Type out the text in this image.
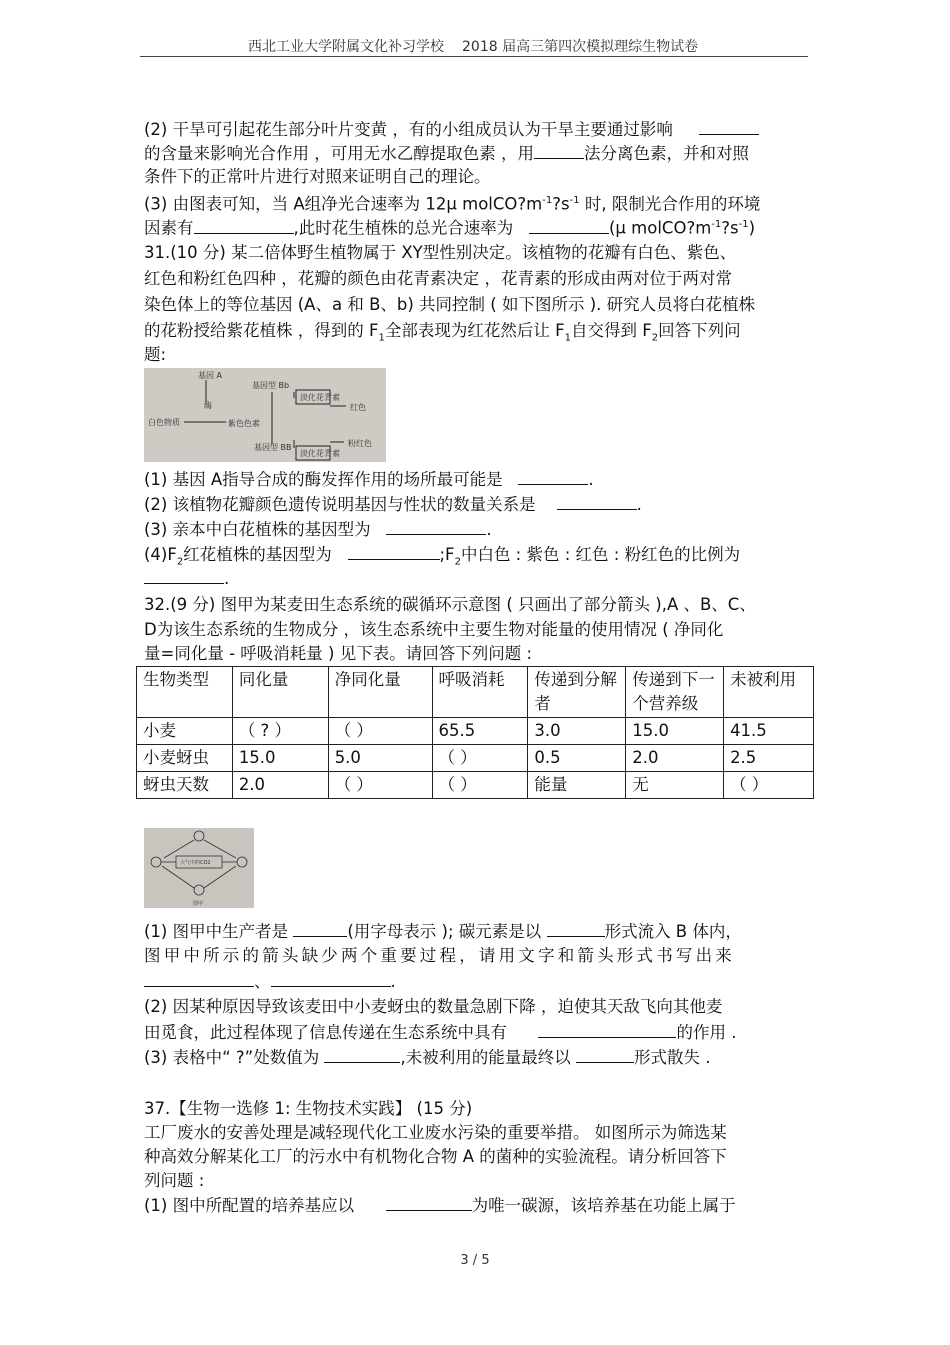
西北工业大学附属文化补习学校 2018 届高三第四次模拟理综生物试卷
(2) 干旱可引起花生部分叶片变黄 ，有的小组成员认为干旱主要通过影响
的含量来影响光合作用 ，可用无水乙醇提取色素 ，用	法分离色素，并和对照
条件下的正常叶片进行对照来证明自己的理论。
(3) 由图表可知，当 A组净光合速率为 12μ $molCO?m^{-1}?s^{-1}$ 时, 限制光合作用的环境
因素有	,此时花生植株的总光合速率为	(μ $molCO?m^{-1}?s^{-1}$)
31.(10 分) 某二倍体野生植物属于 XY型性别决定。该植物的花瓣有白色、紫色、
红色和粉红色四种 ，花瓣的颜色由花青素决定 ，花青素的形成由两对位于两对常
染色体上的等位基因 (A、a 和 B、b) 共同控制 ( 如下图所示 ). 研究人员将白花植株
的花粉授给紫花植株 ，得到的 $F_1$全部表现为红花然后让 $F_1$自交得到 $F_2$回答下列问
题:
基因 A
白色物质
酶
紫色色素
基因型 Bb
基因型 BB
淡化花青素
淡化花青素
红色
粉红色
(1) 基因 A指导合成的酶发挥作用的场所最可能是	.
(2) 该植物花瓣颜色遗传说明基因与性状的数量关系是	.
(3) 亲本中白花植株的基因型为	.
$(4)F_2$红花植株的基因型为	$;F_2$中白色 : 紫色 : 红色 : 粉红色的比例为
.
32.(9 分) 图甲为某麦田生态系统的碳循环示意图 ( 只画出了部分箭头 ),A 、B、C、
D为该生态系统的生物成分 ，该生态系统中主要生物对能量的使用情况 ( 净同化
量=同化量 - 呼吸消耗量 ) 见下表。请回答下列问题 :
生物类型	同化量	净同化量	呼吸消耗	传递到分解者	传递到下一个营养级	未被利用
小麦	（ ? ）	（ ）	65.5	3.0	15.0	41.5
小麦蚜虫	15.0	5.0	（ ）	0.5	2.0	2.5
蚜虫天数	2.0	（ ）	（ ）	能量	无	（ ）
大气中的CO2
图甲
(1) 图甲中生产者是	(用字母表示 ); 碳元素是以	形式流入 B 体内，
图甲中所示的箭头缺少两个重要过程，请用文字和箭头形式书写出来
、	.
(2) 因某种原因导致该麦田中小麦蚜虫的数量急剧下降 ，迫使其天敌飞向其他麦
田觅食，此过程体现了信息传递在生态系统中具有	的作用 .
(3) 表格中“ ?”处数值为	,未被利用的能量最终以	形式散失 .
37.【生物一选修 1: 生物技术实践】 (15 分)
工厂废水的安善处理是减轻现代化工业废水污染的重要举措。 如图所示为筛选某
种高效分解某化工厂的污水中有机物化合物 A 的菌种的实验流程。请分析回答下
列问题 :
(1) 图中所配置的培养基应以	为唯一碳源，该培养基在功能上属于
3 / 5
